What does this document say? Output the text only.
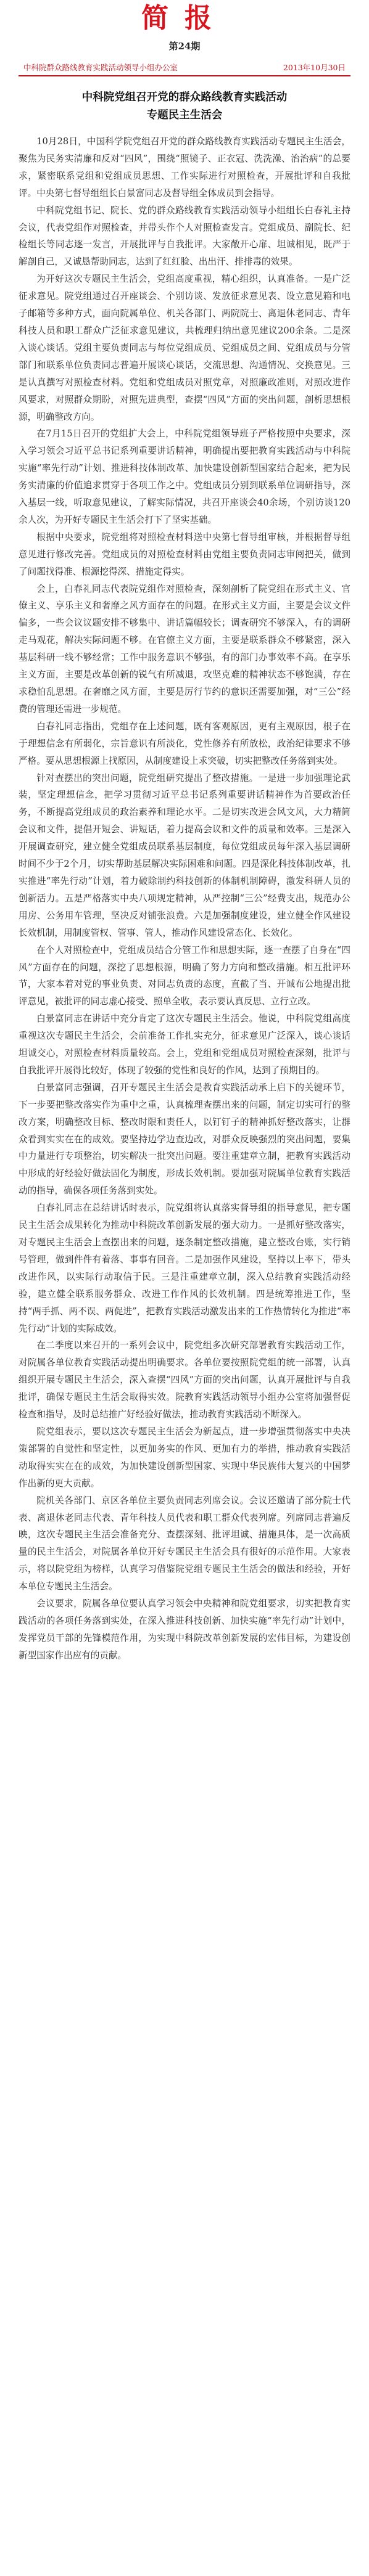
简报
第24期
中科院群众路线教育实践活动领导小组办公室	2013年10月30日
中科院党组召开党的群众路线教育实践活动
专题民主生活会

10月28日，中国科学院党组召开党的群众路线教育实践活动专题民主生活会，聚焦为民务实清廉和反对“四风”，围绕“照镜子、正衣冠、洗洗澡、治治病”的总要求，紧密联系党组和党组成员思想、工作实际进行对照检查，开展批评和自我批评。中央第七督导组组长白景富同志及督导组全体成员到会指导。

中科院党组书记、院长、党的群众路线教育实践活动领导小组组长白春礼主持会议，代表党组作对照检查，并带头作个人对照检查发言。党组成员、副院长、纪检组长等同志逐一发言，开展批评与自我批评。大家敞开心扉、坦诚相见，既严于解剖自己，又诚恳帮助同志，达到了红红脸、出出汗、排排毒的效果。

为开好这次专题民主生活会，党组高度重视，精心组织，认真准备。一是广泛征求意见。院党组通过召开座谈会、个别访谈、发放征求意见表、设立意见箱和电子邮箱等多种方式，面向院属单位、机关各部门、两院院士、离退休老同志、青年科技人员和职工群众广泛征求意见建议，共梳理归纳出意见建议200余条。二是深入谈心谈话。党组主要负责同志与每位党组成员、党组成员之间、党组成员与分管部门和联系单位负责同志普遍开展谈心谈话，交流思想、沟通情况、交换意见。三是认真撰写对照检查材料。党组和党组成员对照党章，对照廉政准则，对照改进作风要求，对照群众期盼，对照先进典型，查摆“四风”方面的突出问题，剖析思想根源，明确整改方向。

在7月15日召开的党组扩大会上，中科院党组领导班子严格按照中央要求，深入学习领会习近平总书记系列重要讲话精神，明确提出要把教育实践活动与中科院实施“率先行动”计划、推进科技体制改革、加快建设创新型国家结合起来，把为民务实清廉的价值追求贯穿于各项工作之中。党组成员分别到联系单位调研指导，深入基层一线，听取意见建议，了解实际情况，共召开座谈会40余场，个别访谈120余人次，为开好专题民主生活会打下了坚实基础。

根据中央要求，院党组将对照检查材料送中央第七督导组审核，并根据督导组意见进行修改完善。党组成员的对照检查材料由党组主要负责同志审阅把关，做到了问题找得准、根源挖得深、措施定得实。

会上，白春礼同志代表院党组作对照检查，深刻剖析了院党组在形式主义、官僚主义、享乐主义和奢靡之风方面存在的问题。在形式主义方面，主要是会议文件偏多，一些会议议题安排不够集中、讲话篇幅较长；调查研究不够深入，有的调研走马观花，解决实际问题不够。在官僚主义方面，主要是联系群众不够紧密，深入基层科研一线不够经常；工作中服务意识不够强，有的部门办事效率不高。在享乐主义方面，主要是改革创新的锐气有所减退，攻坚克难的精神状态不够饱满，存在求稳怕乱思想。在奢靡之风方面，主要是厉行节约的意识还需要加强，对“三公”经费的管理还需进一步规范。

白春礼同志指出，党组存在上述问题，既有客观原因，更有主观原因，根子在于理想信念有所弱化，宗旨意识有所淡化，党性修养有所放松，政治纪律要求不够严格。要从思想根源上找原因，从制度建设上求突破，切实把整改任务落到实处。

针对查摆出的突出问题，院党组研究提出了整改措施。一是进一步加强理论武装，坚定理想信念，把学习贯彻习近平总书记系列重要讲话精神作为首要政治任务，不断提高党组成员的政治素养和理论水平。二是切实改进会风文风，大力精简会议和文件，提倡开短会、讲短话，着力提高会议和文件的质量和效率。三是深入开展调查研究，建立健全党组成员联系基层制度，每位党组成员每年深入基层调研时间不少于2个月，切实帮助基层解决实际困难和问题。四是深化科技体制改革，扎实推进“率先行动”计划，着力破除制约科技创新的体制机制障碍，激发科研人员的创新活力。五是严格落实中央八项规定精神，从严控制“三公”经费支出，规范办公用房、公务用车管理，坚决反对铺张浪费。六是加强制度建设，建立健全作风建设长效机制，用制度管权、管事、管人，推动作风建设常态化、长效化。

在个人对照检查中，党组成员结合分管工作和思想实际，逐一查摆了自身在“四风”方面存在的问题，深挖了思想根源，明确了努力方向和整改措施。相互批评环节，大家本着对党的事业负责、对同志负责的态度，直截了当、开诚布公地提出批评意见，被批评的同志虚心接受、照单全收，表示要认真反思、立行立改。

白景富同志在讲话中充分肯定了这次专题民主生活会。他说，中科院党组高度重视这次专题民主生活会，会前准备工作扎实充分，征求意见广泛深入，谈心谈话坦诚交心，对照检查材料质量较高。会上，党组和党组成员对照检查深刻，批评与自我批评开展得比较好，体现了较强的党性和良好的作风，达到了预期目的。

白景富同志强调，召开专题民主生活会是教育实践活动承上启下的关键环节，下一步要把整改落实作为重中之重，认真梳理查摆出来的问题，制定切实可行的整改方案，明确整改目标、整改时限和责任人，以钉钉子的精神抓好整改落实，让群众看到实实在在的成效。要坚持边学边查边改，对群众反映强烈的突出问题，要集中力量进行专项整治，切实解决一批突出问题。要注重建章立制，把教育实践活动中形成的好经验好做法固化为制度，形成长效机制。要加强对院属单位教育实践活动的指导，确保各项任务落到实处。

白春礼同志在总结讲话时表示，院党组将认真落实督导组的指导意见，把专题民主生活会成果转化为推动中科院改革创新发展的强大动力。一是抓好整改落实，对专题民主生活会上查摆出来的问题，逐条制定整改措施，建立整改台账，实行销号管理，做到件件有着落、事事有回音。二是加强作风建设，坚持以上率下，带头改进作风，以实际行动取信于民。三是注重建章立制，深入总结教育实践活动经验，建立健全联系服务群众、改进工作作风的长效机制。四是统筹推进工作，坚持“两手抓、两不误、两促进”，把教育实践活动激发出来的工作热情转化为推进“率先行动”计划的实际成效。

在二季度以来召开的一系列会议中，院党组多次研究部署教育实践活动工作，对院属各单位教育实践活动提出明确要求。各单位要按照院党组的统一部署，认真组织开展专题民主生活会，深入查摆“四风”方面的突出问题，认真开展批评与自我批评，确保专题民主生活会取得实效。院教育实践活动领导小组办公室将加强督促检查和指导，及时总结推广好经验好做法，推动教育实践活动不断深入。

院党组表示，要以这次专题民主生活会为新起点，进一步增强贯彻落实中央决策部署的自觉性和坚定性，以更加务实的作风、更加有力的举措，推动教育实践活动取得实实在在的成效，为加快建设创新型国家、实现中华民族伟大复兴的中国梦作出新的更大贡献。

院机关各部门、京区各单位主要负责同志列席会议。会议还邀请了部分院士代表、离退休老同志代表、青年科技人员代表和职工群众代表列席。列席同志普遍反映，这次专题民主生活会准备充分、查摆深刻、批评坦诚、措施具体，是一次高质量的民主生活会，对院属各单位开好专题民主生活会具有很好的示范作用。大家表示，将以院党组为榜样，认真学习借鉴院党组专题民主生活会的做法和经验，开好本单位专题民主生活会。

会议要求，院属各单位要认真学习领会中央精神和院党组要求，切实把教育实践活动的各项任务落到实处，在深入推进科技创新、加快实施“率先行动”计划中，发挥党员干部的先锋模范作用，为实现中科院改革创新发展的宏伟目标，为建设创新型国家作出应有的贡献。
